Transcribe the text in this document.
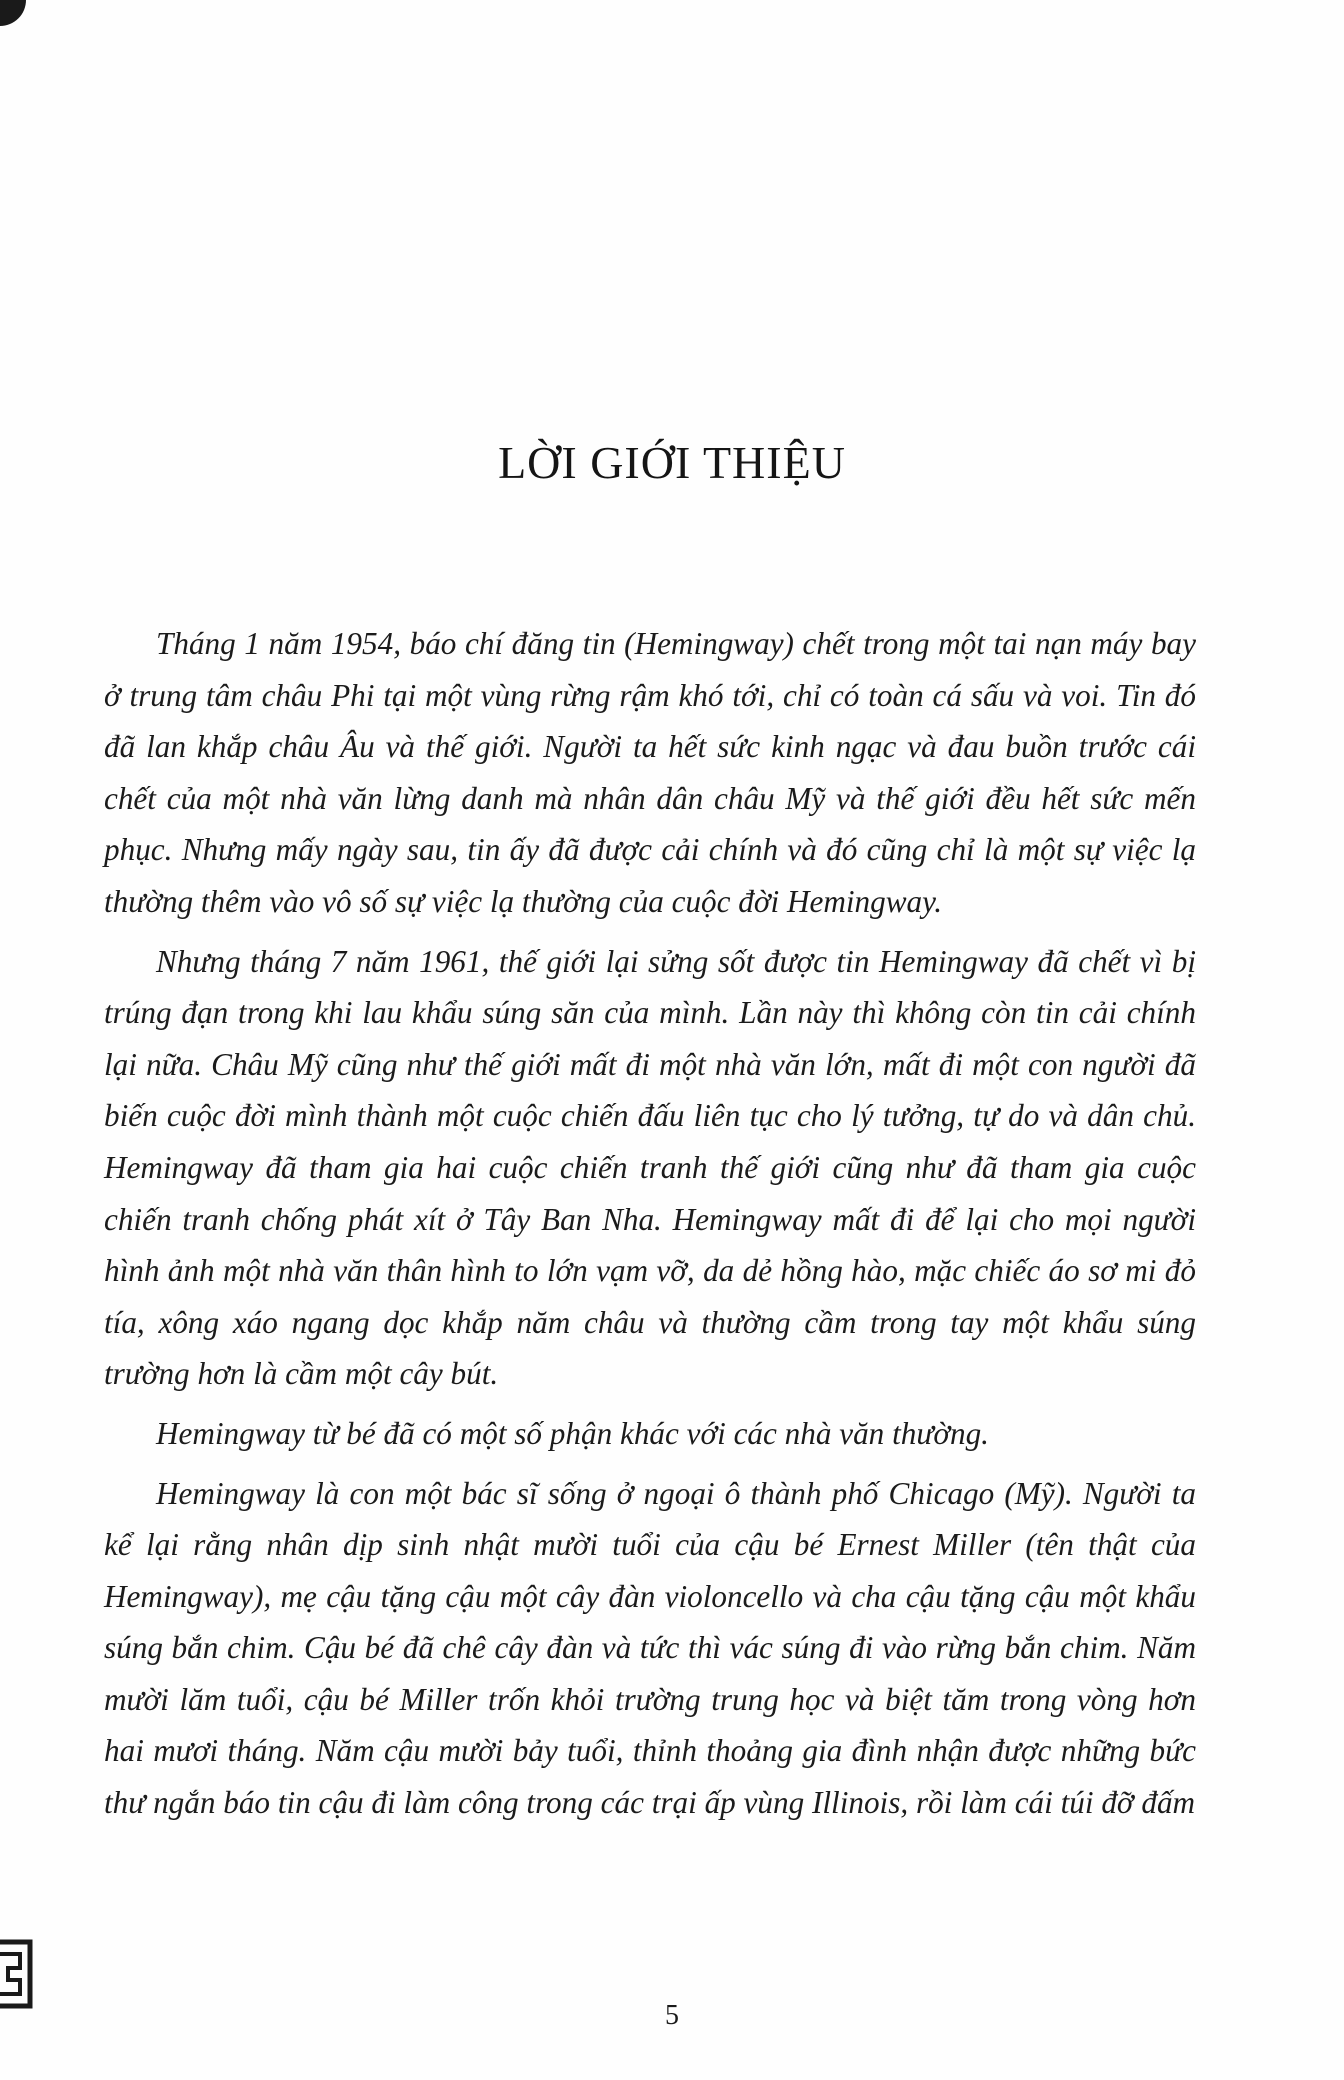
LỜI GIỚI THIỆU

Tháng 1 năm 1954, báo chí đăng tin (Hemingway) chết trong một tai nạn máy bay ở trung tâm châu Phi tại một vùng rừng rậm khó tới, chỉ có toàn cá sấu và voi. Tin đó đã lan khắp châu Âu và thế giới. Người ta hết sức kinh ngạc và đau buồn trước cái chết của một nhà văn lừng danh mà nhân dân châu Mỹ và thế giới đều hết sức mến phục. Nhưng mấy ngày sau, tin ấy đã được cải chính và đó cũng chỉ là một sự việc lạ thường thêm vào vô số sự việc lạ thường của cuộc đời Hemingway.

Nhưng tháng 7 năm 1961, thế giới lại sửng sốt được tin Hemingway đã chết vì bị trúng đạn trong khi lau khẩu súng săn của mình. Lần này thì không còn tin cải chính lại nữa. Châu Mỹ cũng như thế giới mất đi một nhà văn lớn, mất đi một con người đã biến cuộc đời mình thành một cuộc chiến đấu liên tục cho lý tưởng, tự do và dân chủ. Hemingway đã tham gia hai cuộc chiến tranh thế giới cũng như đã tham gia cuộc chiến tranh chống phát xít ở Tây Ban Nha. Hemingway mất đi để lại cho mọi người hình ảnh một nhà văn thân hình to lớn vạm vỡ, da dẻ hồng hào, mặc chiếc áo sơ mi đỏ tía, xông xáo ngang dọc khắp năm châu và thường cầm trong tay một khẩu súng trường hơn là cầm một cây bút.

Hemingway từ bé đã có một số phận khác với các nhà văn thường.

Hemingway là con một bác sĩ sống ở ngoại ô thành phố Chicago (Mỹ). Người ta kể lại rằng nhân dịp sinh nhật mười tuổi của cậu bé Ernest Miller (tên thật của Hemingway), mẹ cậu tặng cậu một cây đàn violoncello và cha cậu tặng cậu một khẩu súng bắn chim. Cậu bé đã chê cây đàn và tức thì vác súng đi vào rừng bắn chim. Năm mười lăm tuổi, cậu bé Miller trốn khỏi trường trung học và biệt tăm trong vòng hơn hai mươi tháng. Năm cậu mười bảy tuổi, thỉnh thoảng gia đình nhận được những bức thư ngắn báo tin cậu đi làm công trong các trại ấp vùng Illinois, rồi làm cái túi đỡ đấm

5
